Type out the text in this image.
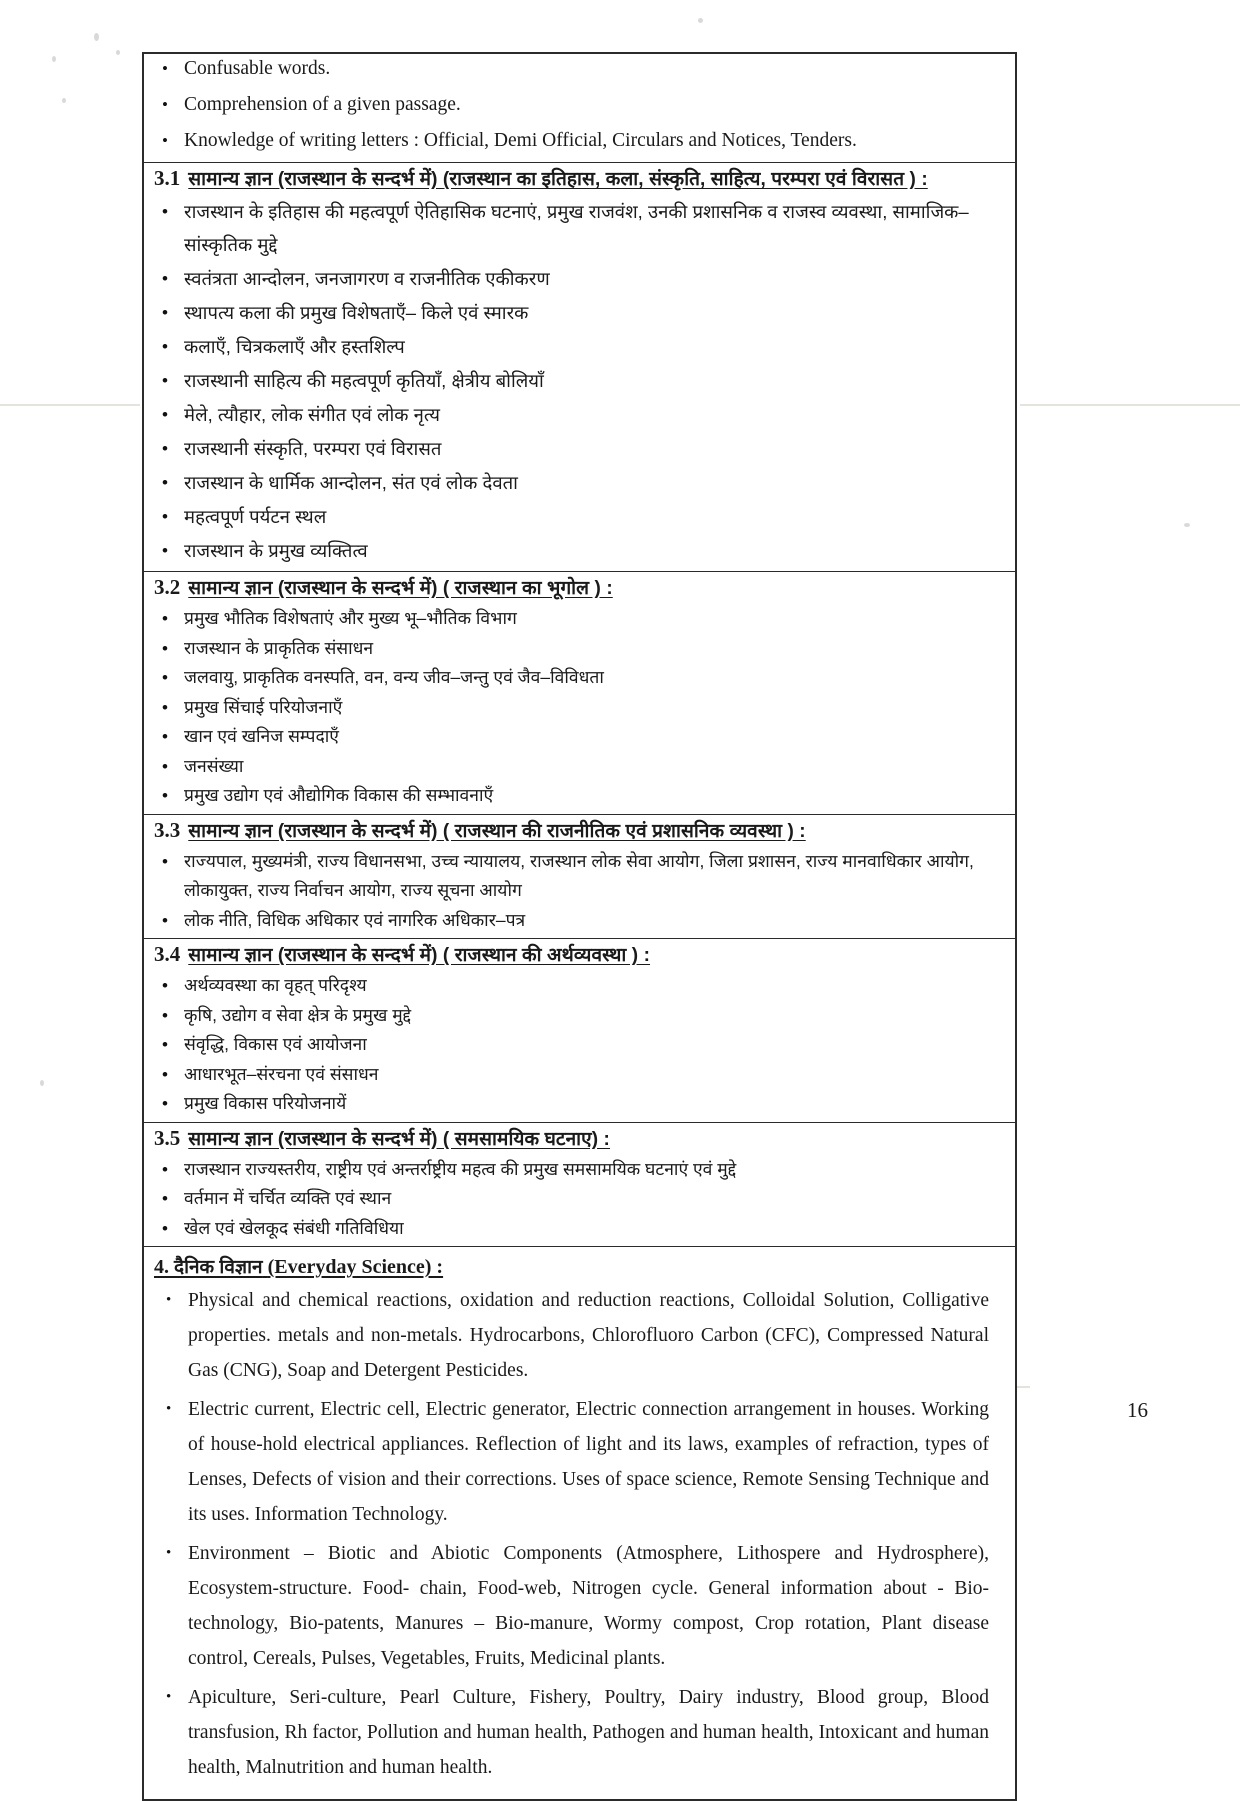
• Confusable words.
• Comprehension of a given passage.
• Knowledge of writing letters : Official, Demi Official, Circulars and Notices, Tenders.
3.1 सामान्य ज्ञान (राजस्थान के सन्दर्भ में) (राजस्थान का इतिहास, कला, संस्कृति, साहित्य, परम्परा एवं विरासत ) :
• राजस्थान के इतिहास की महत्वपूर्ण ऐतिहासिक घटनाएं, प्रमुख राजवंश, उनकी प्रशासनिक व राजस्व व्यवस्था, सामाजिक–सांस्कृतिक मुद्दे
• स्वतंत्रता आन्दोलन, जनजागरण व राजनीतिक एकीकरण
• स्थापत्य कला की प्रमुख विशेषताएँ– किले एवं स्मारक
• कलाएँ, चित्रकलाएँ और हस्तशिल्प
• राजस्थानी साहित्य की महत्वपूर्ण कृतियाँ, क्षेत्रीय बोलियाँ
• मेले, त्यौहार, लोक संगीत एवं लोक नृत्य
• राजस्थानी संस्कृति, परम्परा एवं विरासत
• राजस्थान के धार्मिक आन्दोलन, संत एवं लोक देवता
• महत्वपूर्ण पर्यटन स्थल
• राजस्थान के प्रमुख व्यक्तित्व
3.2 सामान्य ज्ञान (राजस्थान के सन्दर्भ में) ( राजस्थान का भूगोल ) :
• प्रमुख भौतिक विशेषताएं और मुख्य भू–भौतिक विभाग
• राजस्थान के प्राकृतिक संसाधन
• जलवायु, प्राकृतिक वनस्पति, वन, वन्य जीव–जन्तु एवं जैव–विविधता
• प्रमुख सिंचाई परियोजनाएँ
• खान एवं खनिज सम्पदाएँ
• जनसंख्या
• प्रमुख उद्योग एवं औद्योगिक विकास की सम्भावनाएँ
3.3 सामान्य ज्ञान (राजस्थान के सन्दर्भ में) ( राजस्थान की राजनीतिक एवं प्रशासनिक व्यवस्था ) :
• राज्यपाल, मुख्यमंत्री, राज्य विधानसभा, उच्च न्यायालय, राजस्थान लोक सेवा आयोग, जिला प्रशासन, राज्य मानवाधिकार आयोग, लोकायुक्त, राज्य निर्वाचन आयोग, राज्य सूचना आयोग
• लोक नीति, विधिक अधिकार एवं नागरिक अधिकार–पत्र
3.4 सामान्य ज्ञान (राजस्थान के सन्दर्भ में) ( राजस्थान की अर्थव्यवस्था ) :
• अर्थव्यवस्था का वृहत् परिदृश्य
• कृषि, उद्योग व सेवा क्षेत्र के प्रमुख मुद्दे
• संवृद्धि, विकास एवं आयोजना
• आधारभूत–संरचना एवं संसाधन
• प्रमुख विकास परियोजनायें
3.5 सामान्य ज्ञान (राजस्थान के सन्दर्भ में) ( समसामयिक घटनाए) :
• राजस्थान राज्यस्तरीय, राष्ट्रीय एवं अन्तर्राष्ट्रीय महत्व की प्रमुख समसामयिक घटनाएं एवं मुद्दे
• वर्तमान में चर्चित व्यक्ति एवं स्थान
• खेल एवं खेलकूद संबंधी गतिविधिया
4. दैनिक विज्ञान (Everyday Science) :
• Physical and chemical reactions, oxidation and reduction reactions, Colloidal Solution, Colligative properties. metals and non-metals. Hydrocarbons, Chlorofluoro Carbon (CFC), Compressed Natural Gas (CNG), Soap and Detergent Pesticides.
• Electric current, Electric cell, Electric generator, Electric connection arrangement in houses. Working of house-hold electrical appliances. Reflection of light and its laws, examples of refraction, types of Lenses, Defects of vision and their corrections. Uses of space science, Remote Sensing Technique and its uses. Information Technology.
• Environment – Biotic and Abiotic Components (Atmosphere, Lithospere and Hydrosphere), Ecosystem-structure. Food- chain, Food-web, Nitrogen cycle. General information about - Bio-technology, Bio-patents, Manures – Bio-manure, Wormy compost, Crop rotation, Plant disease control, Cereals, Pulses, Vegetables, Fruits, Medicinal plants.
• Apiculture, Seri-culture, Pearl Culture, Fishery, Poultry, Dairy industry, Blood group, Blood transfusion, Rh factor, Pollution and human health, Pathogen and human health, Intoxicant and human health, Malnutrition and human health.
16
